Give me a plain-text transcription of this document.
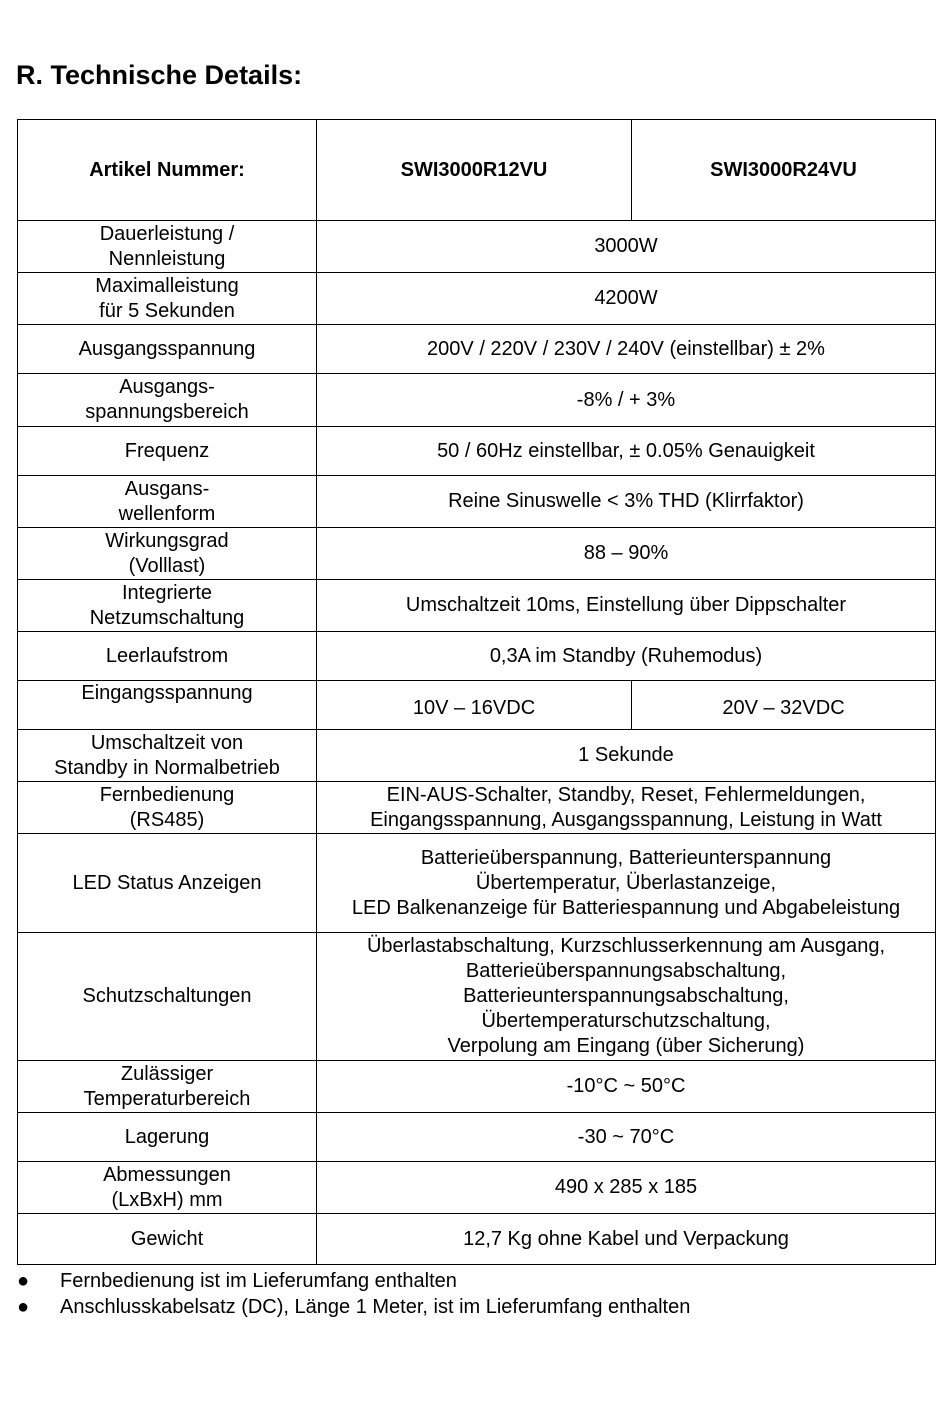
R. Technische Details:
Artikel Nummer:	SWI3000R12VU	SWI3000R24VU

Dauerleistung /
Nennleistung	3000W	

Maximalleistung
für 5 Sekunden	4200W	

Ausgangsspannung	200V / 220V / 230V / 240V (einstellbar) ± 2%	

Ausgangs-
spannungsbereich	-8% / + 3%	

Frequenz	50 / 60Hz einstellbar, ± 0.05% Genauigkeit	

Ausgans-
wellenform	Reine Sinuswelle < 3% THD (Klirrfaktor)	

Wirkungsgrad
(Volllast)	88 – 90%	

Integrierte
Netzumschaltung	Umschaltzeit 10ms, Einstellung über Dippschalter	

Leerlaufstrom	0,3A im Standby (Ruhemodus)	

Eingangsspannung	10V – 16VDC	20V – 32VDC

Umschaltzeit von
Standby in Normalbetrieb	1 Sekunde	

Fernbedienung
(RS485)	EIN-AUS-Schalter, Standby, Reset, Fehlermeldungen,
Eingangsspannung, Ausgangsspannung, Leistung in Watt	

LED Status Anzeigen	Batterieüberspannung, Batterieunterspannung
Übertemperatur, Überlastanzeige,
LED Balkenanzeige für Batteriespannung und Abgabeleistung	

Schutzschaltungen	Überlastabschaltung, Kurzschlusserkennung am Ausgang,
Batterieüberspannungsabschaltung,
Batterieunterspannungsabschaltung,
Übertemperaturschutzschaltung,
Verpolung am Eingang (über Sicherung)	

Zulässiger
Temperaturbereich	-10°C ~ 50°C	

Lagerung	-30 ~ 70°C	

Abmessungen
(LxBxH) mm	490 x 285 x 185	

Gewicht	12,7 Kg ohne Kabel und Verpackung	
● Fernbedienung ist im Lieferumfang enthalten
● Anschlusskabelsatz (DC), Länge 1 Meter, ist im Lieferumfang enthalten
